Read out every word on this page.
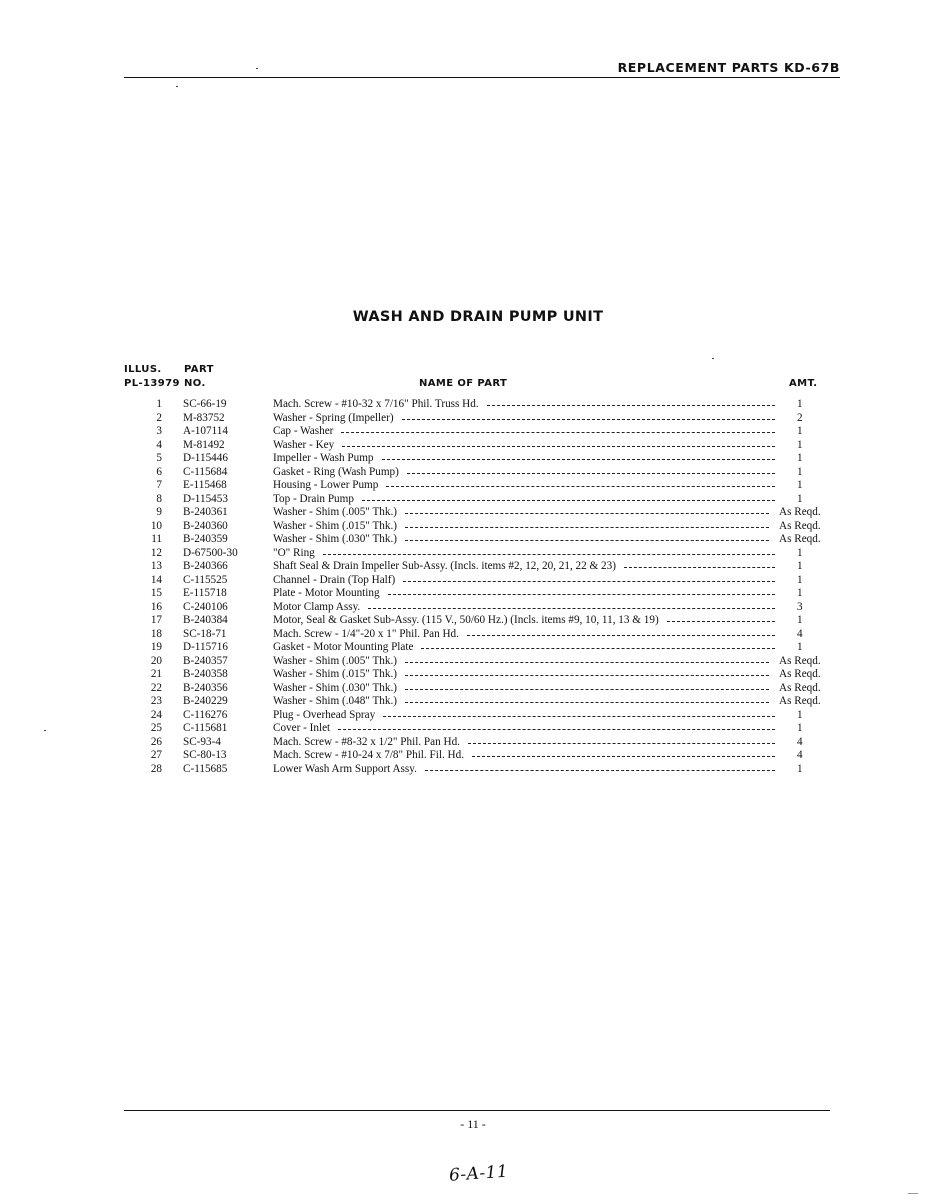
REPLACEMENT PARTS KD-67B
WASH AND DRAIN PUMP UNIT
ILLUS.
PL-13979
PART
NO.	NAME OF PART	AMT.
1 SC-66-19	Mach. Screw - #10-32 x 7/16" Phil. Truss Hd.	1
2 M-83752	Washer - Spring (Impeller)	2
3 A-107114	Cap - Washer	1
4 M-81492	Washer - Key	1
5 D-115446	Impeller - Wash Pump	1
6 C-115684	Gasket - Ring (Wash Pump)	1
7 E-115468	Housing - Lower Pump	1
8 D-115453	Top - Drain Pump	1
9 B-240361	Washer - Shim (.005" Thk.)	As Reqd.
10 B-240360	Washer - Shim (.015" Thk.)	As Reqd.
11 B-240359	Washer - Shim (.030" Thk.)	As Reqd.
12 D-67500-30	"O" Ring	1
13 B-240366	Shaft Seal & Drain Impeller Sub-Assy. (Incls. items #2, 12, 20, 21, 22 & 23)	1
14 C-115525	Channel - Drain (Top Half)	1
15 E-115718	Plate - Motor Mounting	1
16 C-240106	Motor Clamp Assy.	3
17 B-240384	Motor, Seal & Gasket Sub-Assy. (115 V., 50/60 Hz.) (Incls. items #9, 10, 11, 13 & 19)	1
18 SC-18-71	Mach. Screw - 1/4"-20 x 1" Phil. Pan Hd.	4
19 D-115716	Gasket - Motor Mounting Plate	1
20 B-240357	Washer - Shim (.005" Thk.)	As Reqd.
21 B-240358	Washer - Shim (.015" Thk.)	As Reqd.
22 B-240356	Washer - Shim (.030" Thk.)	As Reqd.
23 B-240229	Washer - Shim (.048" Thk.)	As Reqd.
24 C-116276	Plug - Overhead Spray	1
25 C-115681	Cover - Inlet	1
26 SC-93-4	Mach. Screw - #8-32 x 1/2" Phil. Pan Hd.	4
27 SC-80-13	Mach. Screw - #10-24 x 7/8" Phil. Fil. Hd.	4
28 C-115685	Lower Wash Arm Support Assy.	1
- 11 -
6-A-11
